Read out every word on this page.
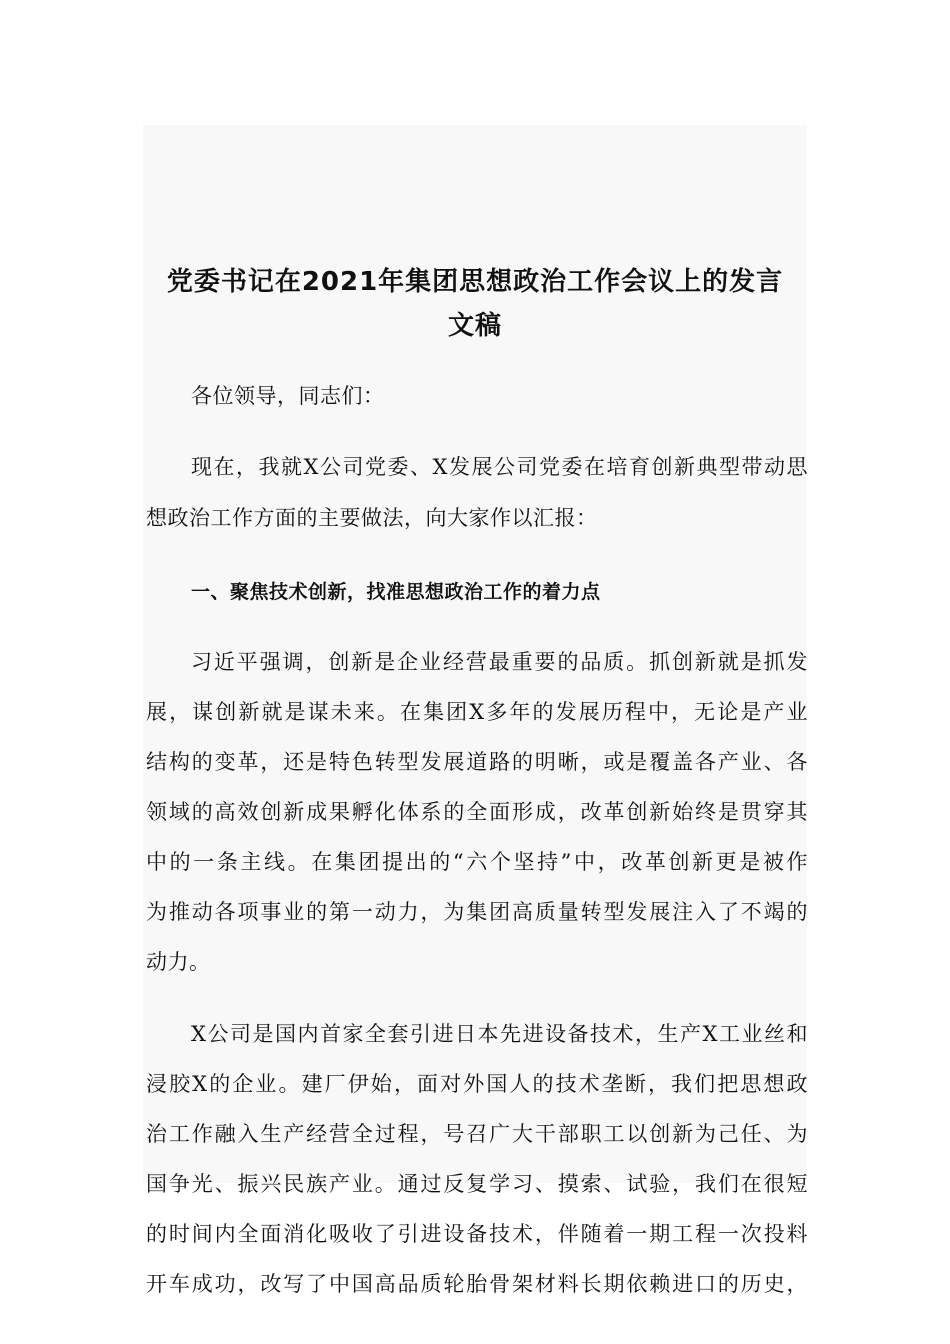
党委书记在2021年集团思想政治工作会议上的发言
文稿
各位领导，同志们：
现在，我就X公司党委、X发展公司党委在培育创新典型带动思
想政治工作方面的主要做法，向大家作以汇报：
一、聚焦技术创新，找准思想政治工作的着力点
习近平强调，创新是企业经营最重要的品质。抓创新就是抓发
展，谋创新就是谋未来。在集团X多年的发展历程中，无论是产业
结构的变革，还是特色转型发展道路的明晰，或是覆盖各产业、各
领域的高效创新成果孵化体系的全面形成，改革创新始终是贯穿其
中的一条主线。在集团提出的“六个坚持”中，改革创新更是被作
为推动各项事业的第一动力，为集团高质量转型发展注入了不竭的
动力。
X公司是国内首家全套引进日本先进设备技术，生产X工业丝和
浸胶X的企业。建厂伊始，面对外国人的技术垄断，我们把思想政
治工作融入生产经营全过程，号召广大干部职工以创新为己任、为
国争光、振兴民族产业。通过反复学习、摸索、试验，我们在很短
的时间内全面消化吸收了引进设备技术，伴随着一期工程一次投料
开车成功，改写了中国高品质轮胎骨架材料长期依赖进口的历史，
